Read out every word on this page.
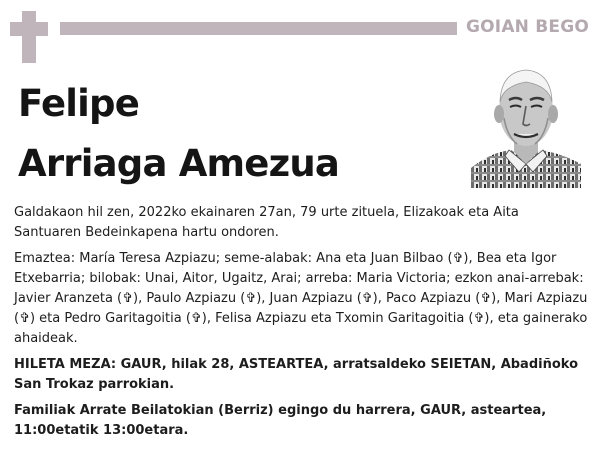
GOIAN BEGO
Felipe
Arriaga Amezua

Galdakaon hil zen, 2022ko ekainaren 27an, 79 urte zituela, Elizakoak eta Aita Santuaren Bedeinkapena hartu ondoren.

Emaztea: María Teresa Azpiazu; seme-alabak: Ana eta Juan Bilbao (✞), Bea eta Igor Etxebarria; bilobak: Unai, Aitor, Ugaitz, Arai; arreba: Maria Victoria; ezkon anai-arrebak: Javier Aranzeta (✞), Paulo Azpiazu (✞), Juan Azpiazu (✞), Paco Azpiazu (✞), Mari Azpiazu (✞) eta Pedro Garitagoitia (✞), Felisa Azpiazu eta Txomin Garitagoitia (✞), eta gainerako ahaideak.

HILETA MEZA: GAUR, hilak 28, ASTEARTEA, arratsaldeko SEIETAN, Abadiñoko San Trokaz parrokian.

Familiak Arrate Beilatokian (Berriz) egingo du harrera, GAUR, asteartea, 11:00etatik 13:00etara.
